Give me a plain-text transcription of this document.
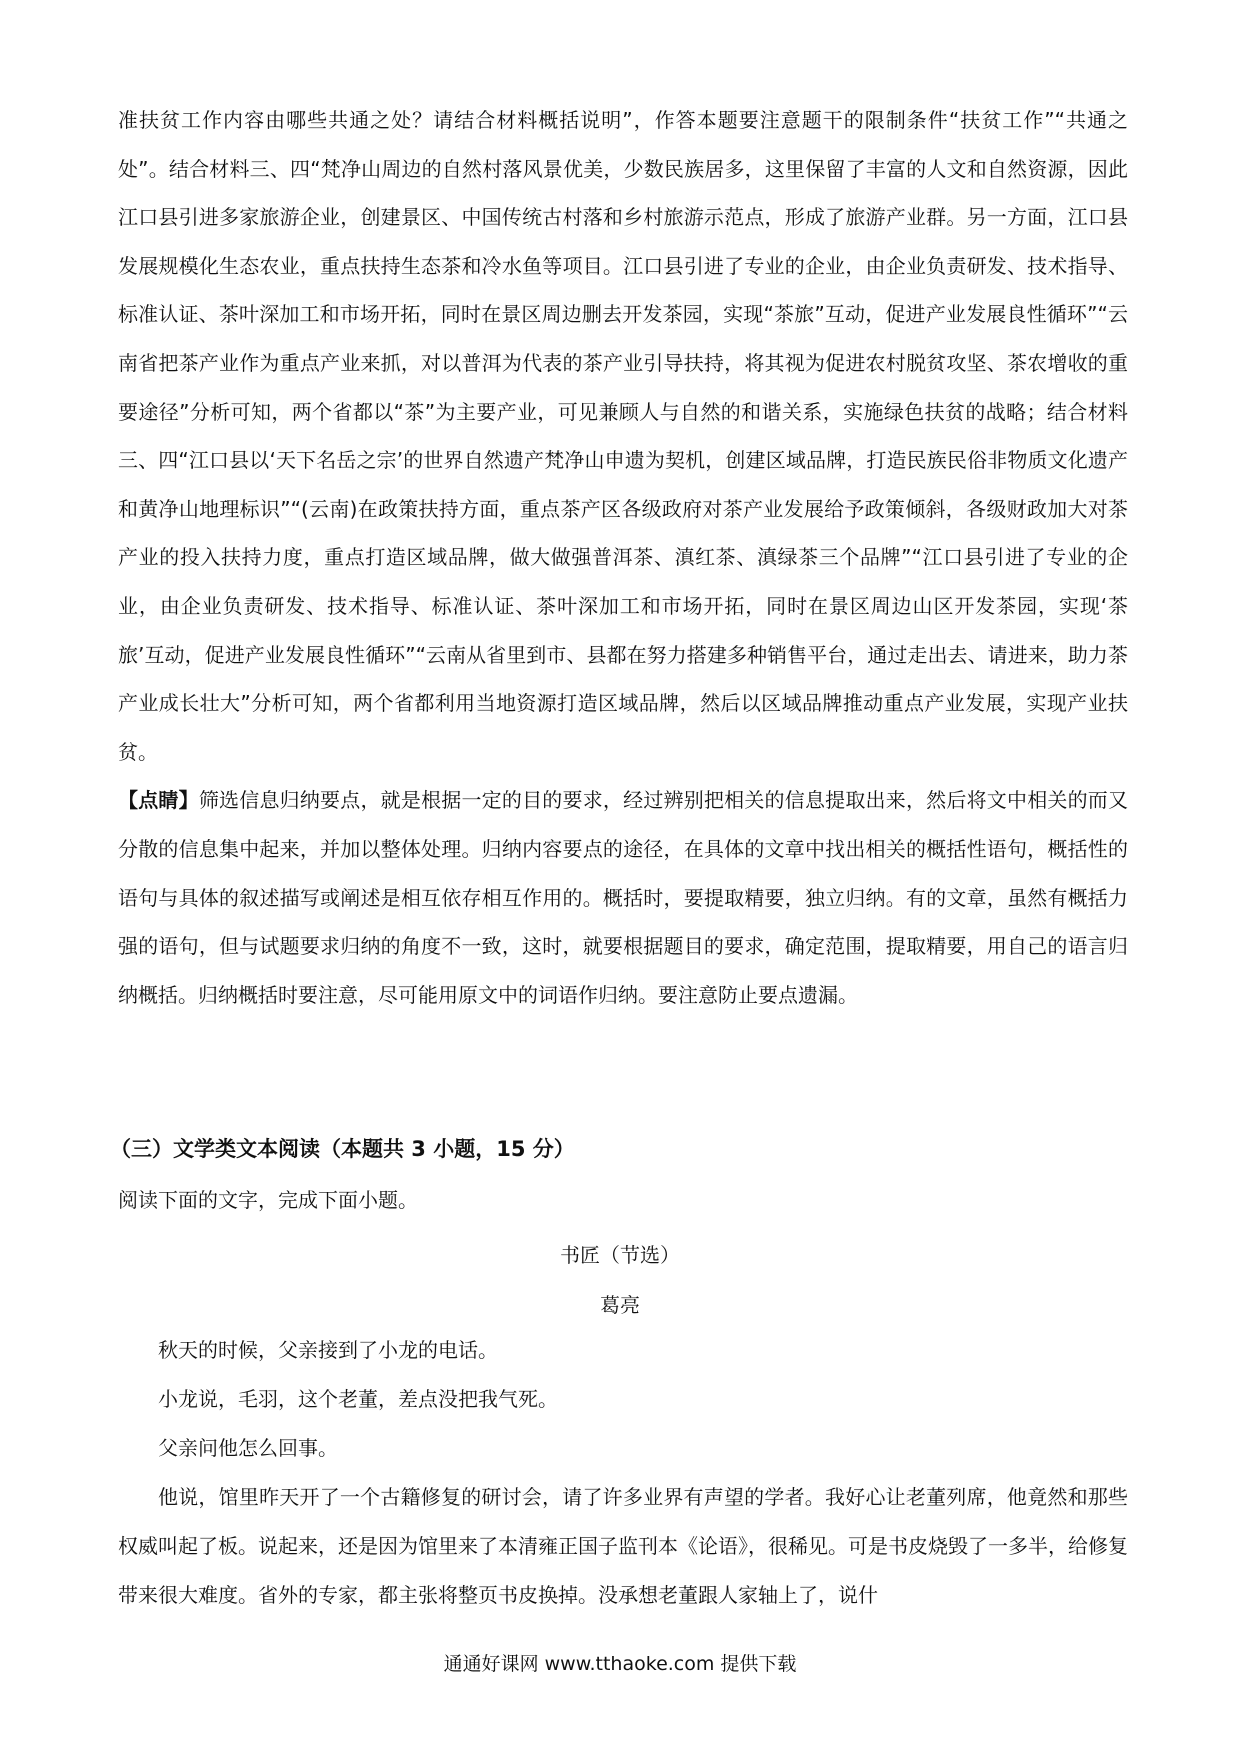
准扶贫工作内容由哪些共通之处？请结合材料概括说明”，作答本题要注意题干的限制条件“扶贫工作”“共通之处”。结合材料三、四“梵净山周边的自然村落风景优美，少数民族居多，这里保留了丰富的人文和自然资源，因此江口县引进多家旅游企业，创建景区、中国传统古村落和乡村旅游示范点，形成了旅游产业群。另一方面，江口县发展规模化生态农业，重点扶持生态茶和冷水鱼等项目。江口县引进了专业的企业，由企业负责研发、技术指导、标准认证、茶叶深加工和市场开拓，同时在景区周边删去开发茶园，实现“茶旅”互动，促进产业发展良性循环”“云南省把茶产业作为重点产业来抓，对以普洱为代表的茶产业引导扶持，将其视为促进农村脱贫攻坚、茶农增收的重要途径”分析可知，两个省都以“茶”为主要产业，可见兼顾人与自然的和谐关系，实施绿色扶贫的战略；结合材料三、四“江口县以‘天下名岳之宗’的世界自然遗产梵净山申遗为契机，创建区域品牌，打造民族民俗非物质文化遗产和黄净山地理标识”“(云南)在政策扶持方面，重点茶产区各级政府对茶产业发展给予政策倾斜，各级财政加大对茶产业的投入扶持力度，重点打造区域品牌，做大做强普洱茶、滇红茶、滇绿茶三个品牌”“江口县引进了专业的企业，由企业负责研发、技术指导、标准认证、茶叶深加工和市场开拓，同时在景区周边山区开发茶园，实现‘茶旅’互动，促进产业发展良性循环”“云南从省里到市、县都在努力搭建多种销售平台，通过走出去、请进来，助力茶产业成长壮大”分析可知，两个省都利用当地资源打造区域品牌，然后以区域品牌推动重点产业发展，实现产业扶贫。

【点睛】筛选信息归纳要点，就是根据一定的目的要求，经过辨别把相关的信息提取出来，然后将文中相关的而又分散的信息集中起来，并加以整体处理。归纳内容要点的途径，在具体的文章中找出相关的概括性语句，概括性的语句与具体的叙述描写或阐述是相互依存相互作用的。概括时，要提取精要，独立归纳。有的文章，虽然有概括力强的语句，但与试题要求归纳的角度不一致，这时，就要根据题目的要求，确定范围，提取精要，用自己的语言归纳概括。归纳概括时要注意，尽可能用原文中的词语作归纳。要注意防止要点遗漏。

（三）文学类文本阅读（本题共 3 小题，15 分）
阅读下面的文字，完成下面小题。
书匠（节选）
葛亮

秋天的时候，父亲接到了小龙的电话。

小龙说，毛羽，这个老董，差点没把我气死。

父亲问他怎么回事。

他说，馆里昨天开了一个古籍修复的研讨会，请了许多业界有声望的学者。我好心让老董列席，他竟然和那些权威叫起了板。说起来，还是因为馆里来了本清雍正国子监刊本《论语》，很稀见。可是书皮烧毁了一多半，给修复带来很大难度。省外的专家，都主张将整页书皮换掉。没承想老董跟人家轴上了，说什

通通好课网 www.tthaoke.com 提供下载
